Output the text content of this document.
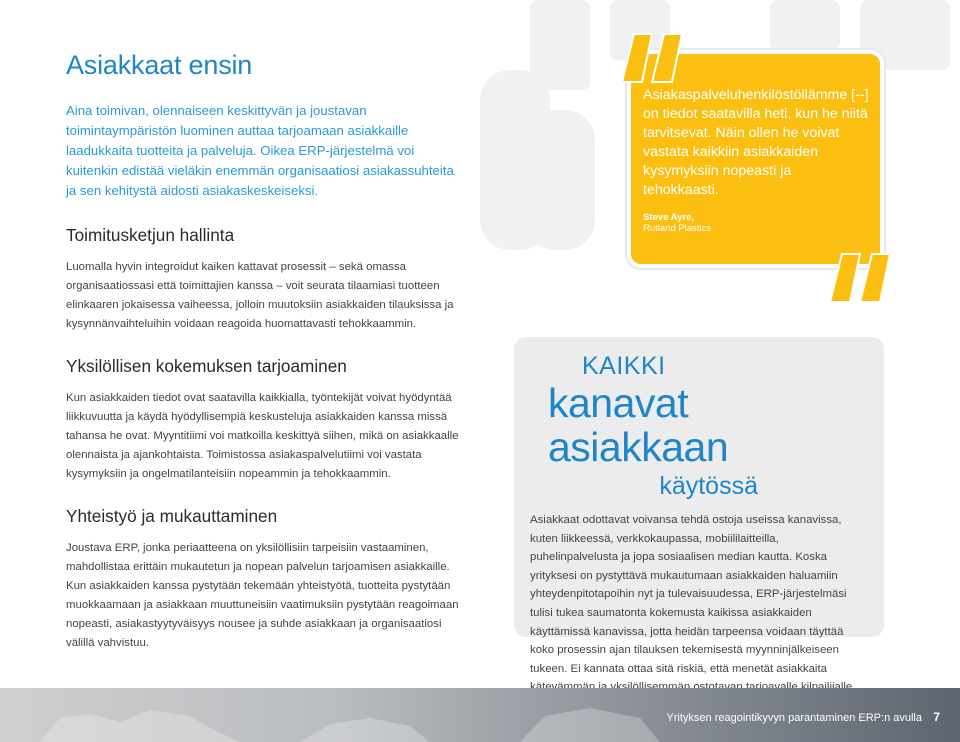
Asiakkaat ensin

Aina toimivan, olennaiseen keskittyvän ja joustavan toimintaympäristön luominen auttaa tarjoamaan asiakkaille laadukkaita tuotteita ja palveluja. Oikea ERP-järjestelmä voi kuitenkin edistää vieläkin enemmän organisaatiosi asiakassuhteita ja sen kehitystä aidosti asiakaskeskeiseksi.

Toimitusketjun hallinta

Luomalla hyvin integroidut kaiken kattavat prosessit – sekä omassa organisaatiossasi että toimittajien kanssa – voit seurata tilaamiasi tuotteen elinkaaren jokaisessa vaiheessa, jolloin muutoksiin asiakkaiden tilauksissa ja kysynnänvaihteluihin voidaan reagoida huomattavasti tehokkaammin.

Yksilöllisen kokemuksen tarjoaminen

Kun asiakkaiden tiedot ovat saatavilla kaikkialla, työntekijät voivat hyödyntää liikkuvuutta ja käydä hyödyllisempiä keskusteluja asiakkaiden kanssa missä tahansa he ovat. Myyntitiimi voi matkoilla keskittyä siihen, mikä on asiakkaalle olennaista ja ajankohtaista. Toimistossa asiakaspalvelutiimi voi vastata kysymyksiin ja ongelmatilanteisiin nopeammin ja tehokkaammin.

Yhteistyö ja mukauttaminen

Joustava ERP, jonka periaatteena on yksilöllisiin tarpeisiin vastaaminen, mahdollistaa erittäin mukautetun ja nopean palvelun tarjoamisen asiakkaille. Kun asiakkaiden kanssa pystytään tekemään yhteistyötä, tuotteita pystytään muokkaamaan ja asiakkaan muuttuneisiin vaatimuksiin pystytään reagoimaan nopeasti, asiakastyytyväisyys nousee ja suhde asiakkaan ja organisaatiosi välillä vahvistuu.

Asiakaspalveluhenkilöstöllämme [--] on tiedot saatavilla heti, kun he niitä tarvitsevat. Näin ollen he voivat vastata kaikkiin asiakkaiden kysymyksiin nopeasti ja tehokkaasti.

Steve Ayre,

Rutland Plastics

KAIKKI
kanavat asiakkaan
käytössä

Asiakkaat odottavat voivansa tehdä ostoja useissa kanavissa, kuten liikkeessä, verkkokaupassa, mobiililaitteilla, puhelinpalvelusta ja jopa sosiaalisen median kautta. Koska yrityksesi on pystyttävä mukautumaan asiakkaiden haluamiin yhteydenpitotapoihin nyt ja tulevaisuudessa, ERP-järjestelmäsi tulisi tukea saumatonta kokemusta kaikissa asiakkaiden käyttämissä kanavissa, jotta heidän tarpeensa voidaan täyttää koko prosessin ajan tilauksen tekemisestä myynninjälkeiseen tukeen. Ei kannata ottaa sitä riskiä, että menetät asiakkaita

Yrityksen reagointikyvyn parantaminen ERP:n avulla 7
